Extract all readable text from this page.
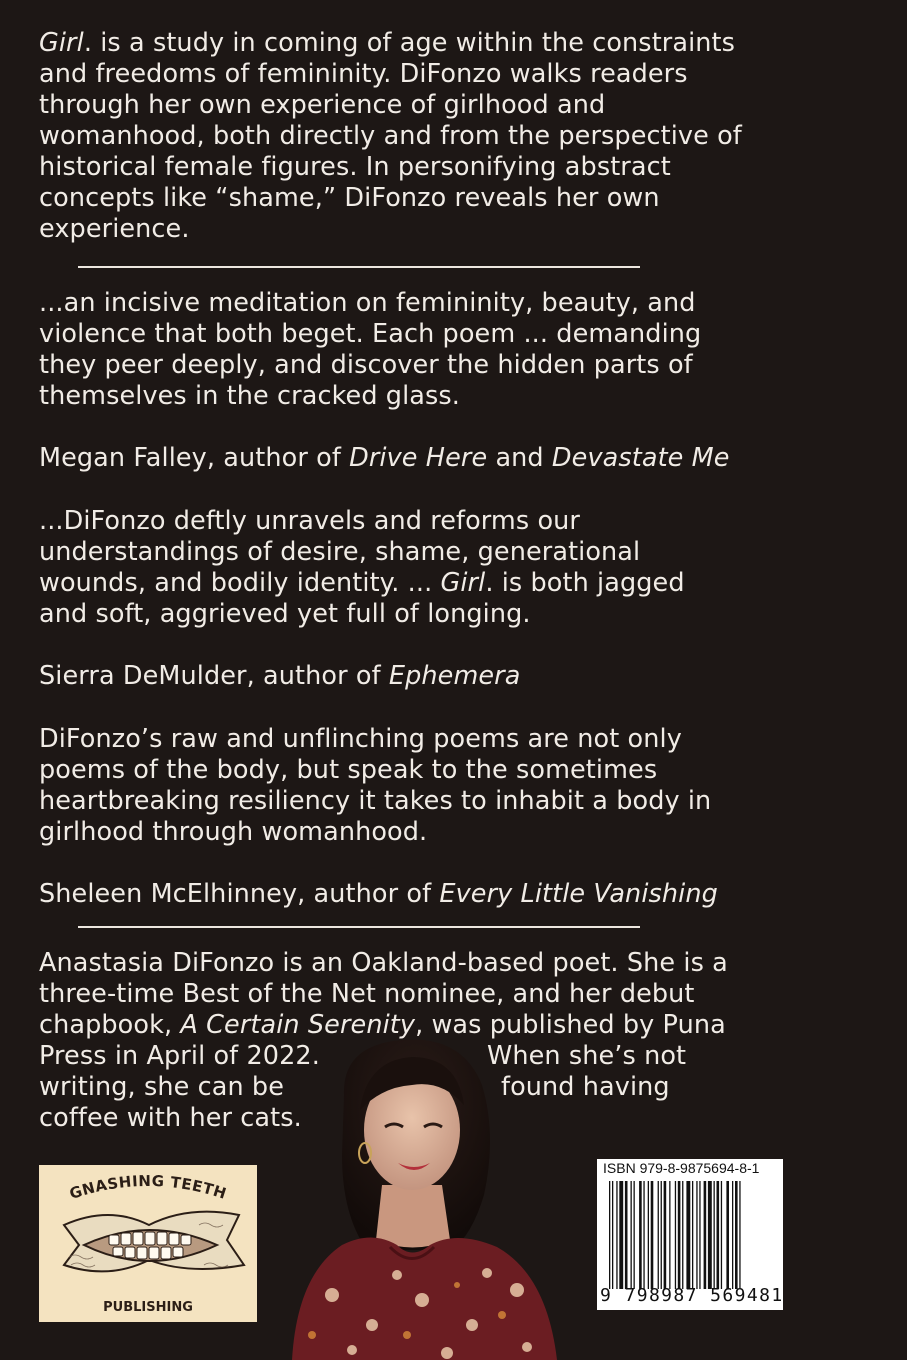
Girl. is a study in coming of age within the constraints
and freedoms of femininity. DiFonzo walks readers
through her own experience of girlhood and
womanhood, both directly and from the perspective of
historical female figures. In personifying abstract
concepts like “shame,” DiFonzo reveals her own
experience.
...an incisive meditation on femininity, beauty, and
violence that both beget. Each poem ... demanding
they peer deeply, and discover the hidden parts of
themselves in the cracked glass.
Megan Falley, author of Drive Here and Devastate Me
...DiFonzo deftly unravels and reforms our
understandings of desire, shame, generational
wounds, and bodily identity. ... Girl. is both jagged
and soft, aggrieved yet full of longing.
Sierra DeMulder, author of Ephemera
DiFonzo’s raw and unflinching poems are not only
poems of the body, but speak to the sometimes
heartbreaking resiliency it takes to inhabit a body in
girlhood through womanhood.
Sheleen McElhinney, author of Every Little Vanishing
Anastasia DiFonzo is an Oakland-based poet. She is a
three-time Best of the Net nominee, and her debut
chapbook, A Certain Serenity, was published by Puna
Press in April of 2022.	When she’s not
writing, she can be	found having
coffee with her cats.
GNASHING TEETH
PUBLISHING
ISBN 979-8-9875694-8-1
9 798987 569481
